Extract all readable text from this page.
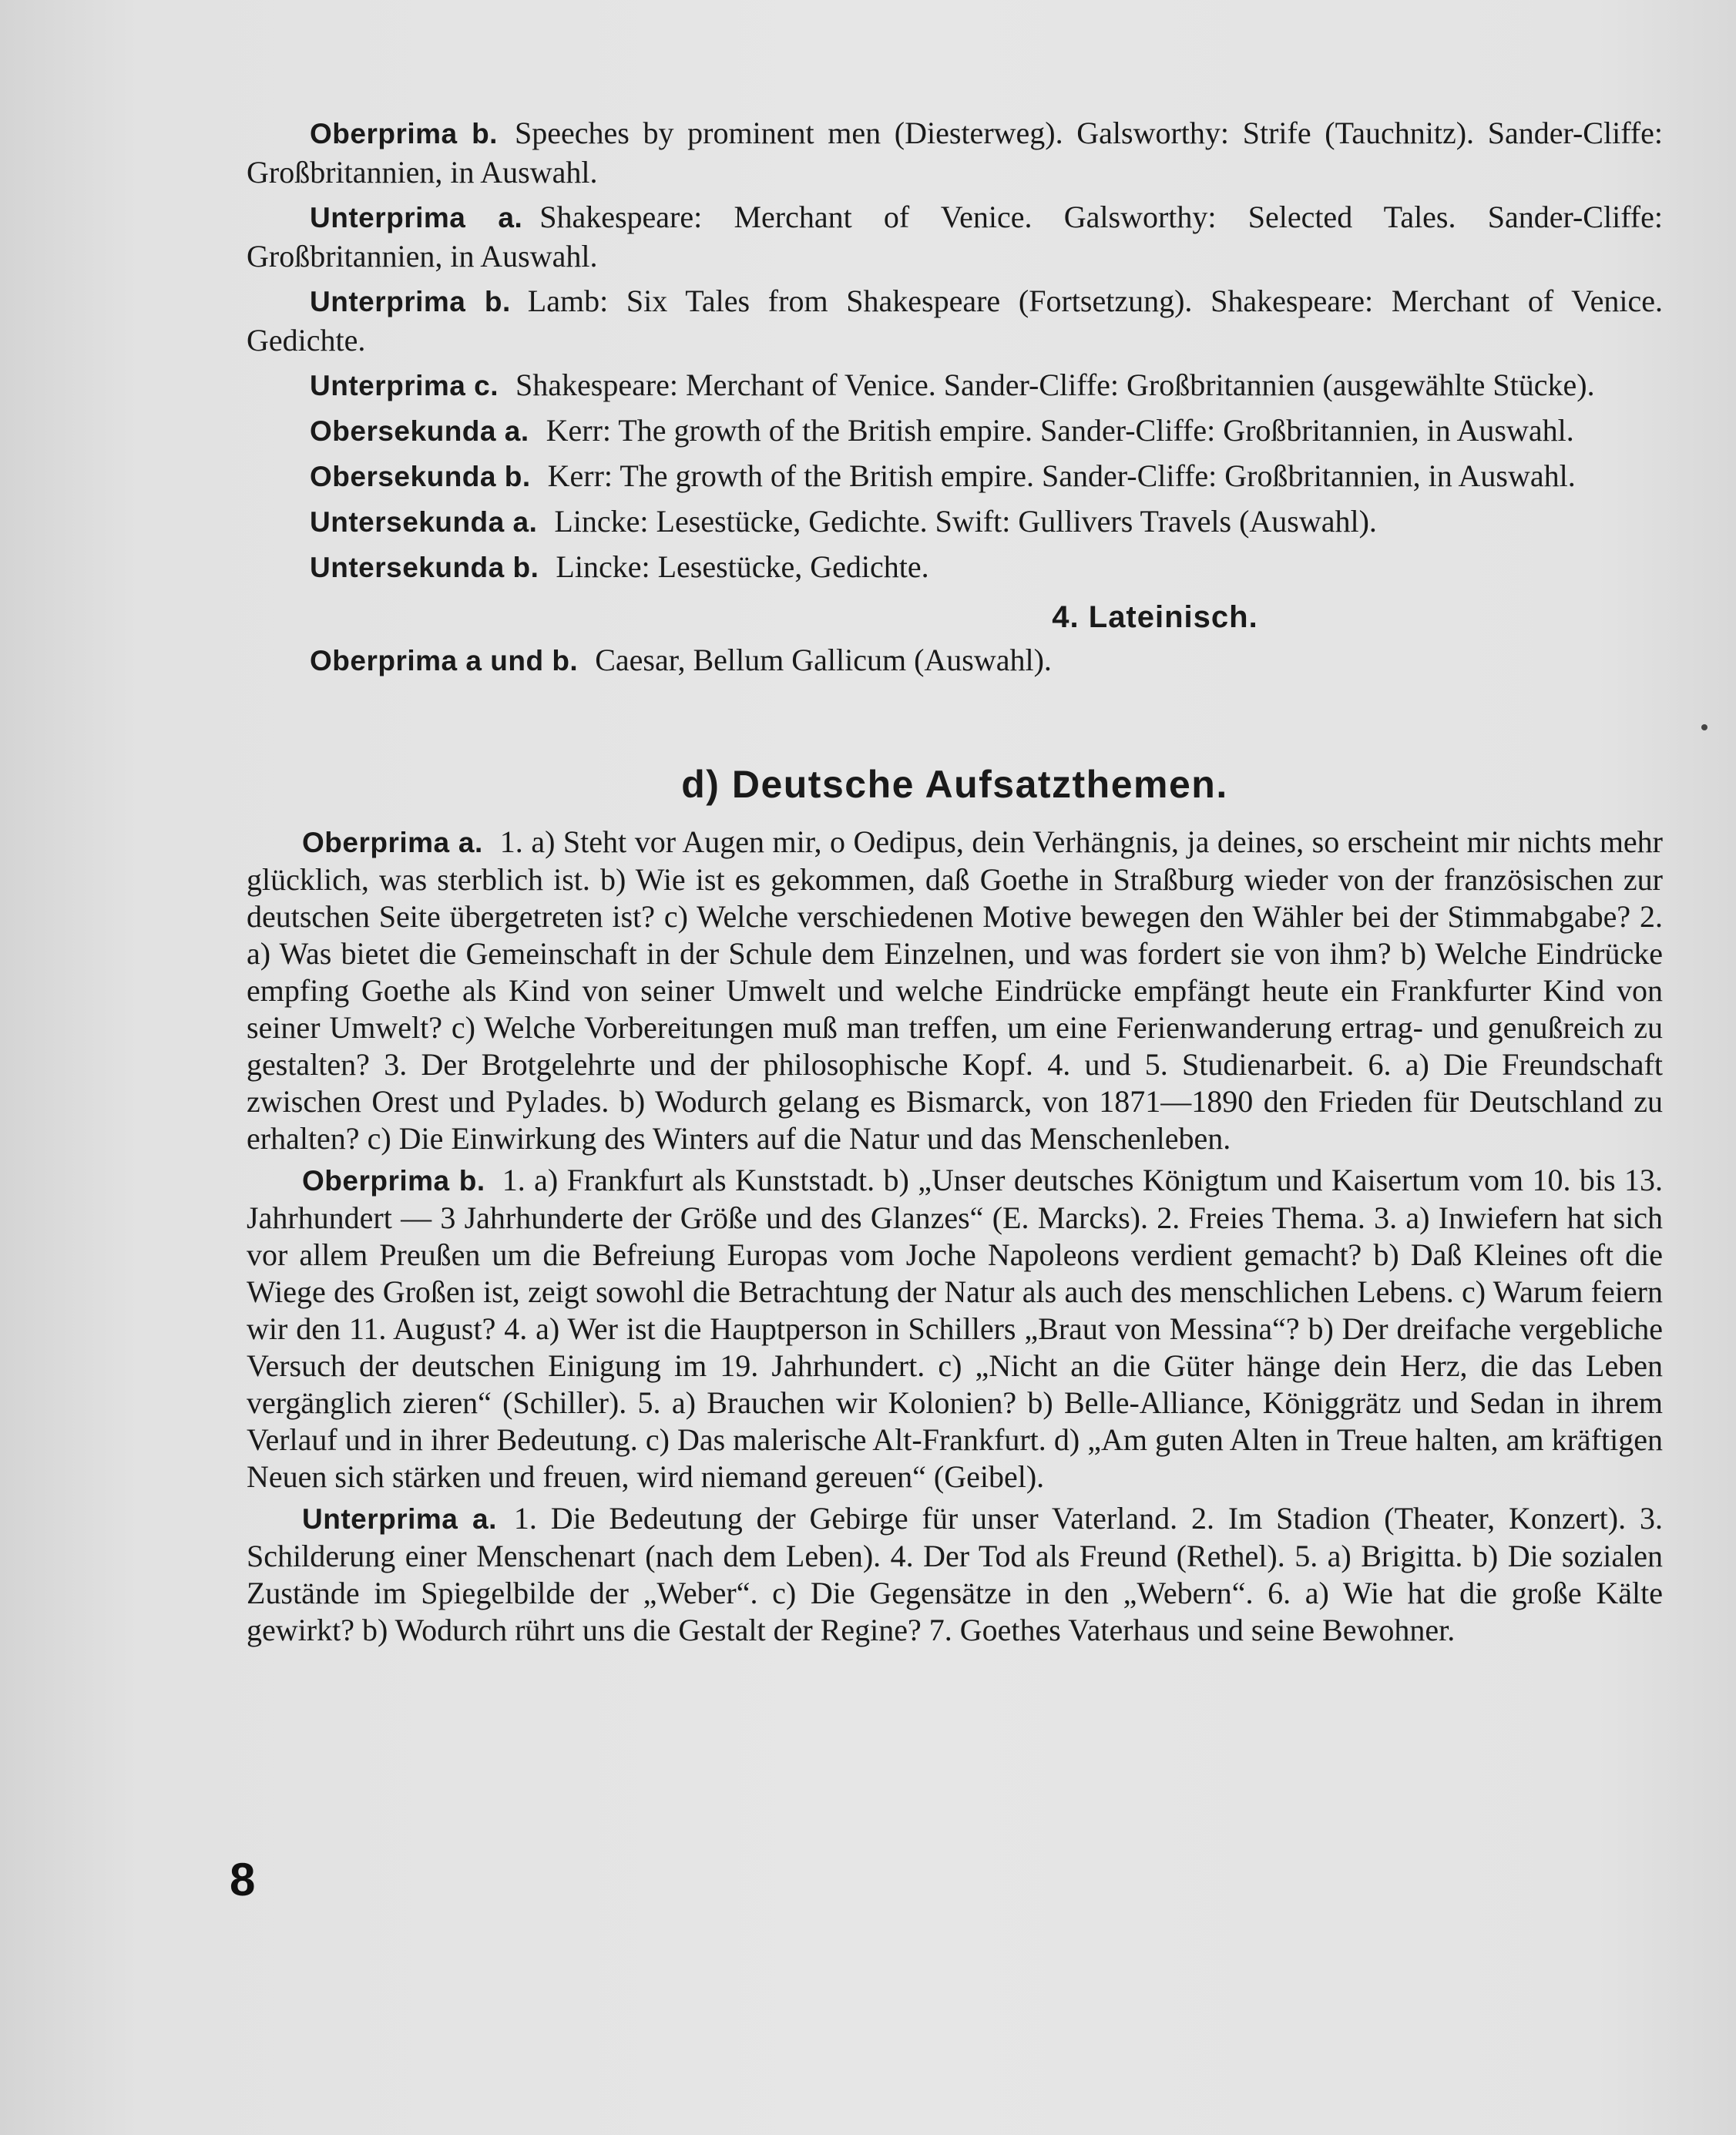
Oberprima b. Speeches by prominent men (Diesterweg). Galsworthy: Strife (Tauchnitz). Sander-Cliffe: Großbritannien, in Auswahl.

Unterprima a. Shakespeare: Merchant of Venice. Galsworthy: Selected Tales. Sander-Cliffe: Großbritannien, in Auswahl.

Unterprima b. Lamb: Six Tales from Shakespeare (Fortsetzung). Shakespeare: Merchant of Venice. Gedichte.

Unterprima c. Shakespeare: Merchant of Venice. Sander-Cliffe: Großbritannien (ausgewählte Stücke).

Obersekunda a. Kerr: The growth of the British empire. Sander-Cliffe: Großbritannien, in Auswahl.

Obersekunda b. Kerr: The growth of the British empire. Sander-Cliffe: Großbritannien, in Auswahl.

Untersekunda a. Lincke: Lesestücke, Gedichte. Swift: Gullivers Travels (Auswahl).

Untersekunda b. Lincke: Lesestücke, Gedichte.

4. Lateinisch.

Oberprima a und b. Caesar, Bellum Gallicum (Auswahl).

d) Deutsche Aufsatzthemen.

Oberprima a. 1. a) Steht vor Augen mir, o Oedipus, dein Verhängnis, ja deines, so erscheint mir nichts mehr glücklich, was sterblich ist. b) Wie ist es gekommen, daß Goethe in Straßburg wieder von der französischen zur deutschen Seite übergetreten ist? c) Welche verschiedenen Motive bewegen den Wähler bei der Stimmabgabe? 2. a) Was bietet die Gemeinschaft in der Schule dem Einzelnen, und was fordert sie von ihm? b) Welche Eindrücke empfing Goethe als Kind von seiner Umwelt und welche Eindrücke empfängt heute ein Frankfurter Kind von seiner Umwelt? c) Welche Vorbereitungen muß man treffen, um eine Ferienwanderung ertrag- und genußreich zu gestalten? 3. Der Brotgelehrte und der philosophische Kopf. 4. und 5. Studienarbeit. 6. a) Die Freundschaft zwischen Orest und Pylades. b) Wodurch gelang es Bismarck, von 1871—1890 den Frieden für Deutschland zu erhalten? c) Die Einwirkung des Winters auf die Natur und das Menschenleben.

Oberprima b. 1. a) Frankfurt als Kunststadt. b) „Unser deutsches Königtum und Kaisertum vom 10. bis 13. Jahrhundert — 3 Jahrhunderte der Größe und des Glanzes“ (E. Marcks). 2. Freies Thema. 3. a) Inwiefern hat sich vor allem Preußen um die Befreiung Europas vom Joche Napoleons verdient gemacht? b) Daß Kleines oft die Wiege des Großen ist, zeigt sowohl die Betrachtung der Natur als auch des menschlichen Lebens. c) Warum feiern wir den 11. August? 4. a) Wer ist die Hauptperson in Schillers „Braut von Messina“? b) Der dreifache vergebliche Versuch der deutschen Einigung im 19. Jahrhundert. c) „Nicht an die Güter hänge dein Herz, die das Leben vergänglich zieren“ (Schiller). 5. a) Brauchen wir Kolonien? b) Belle-Alliance, Königgrätz und Sedan in ihrem Verlauf und in ihrer Bedeutung. c) Das malerische Alt-Frankfurt. d) „Am guten Alten in Treue halten, am kräftigen Neuen sich stärken und freuen, wird niemand gereuen“ (Geibel).

Unterprima a. 1. Die Bedeutung der Gebirge für unser Vaterland. 2. Im Stadion (Theater, Konzert). 3. Schilderung einer Menschenart (nach dem Leben). 4. Der Tod als Freund (Rethel). 5. a) Brigitta. b) Die sozialen Zustände im Spiegelbilde der „Weber“. c) Die Gegensätze in den „Webern“. 6. a) Wie hat die große Kälte gewirkt? b) Wodurch rührt uns die Gestalt der Regine? 7. Goethes Vaterhaus und seine Bewohner.

8
